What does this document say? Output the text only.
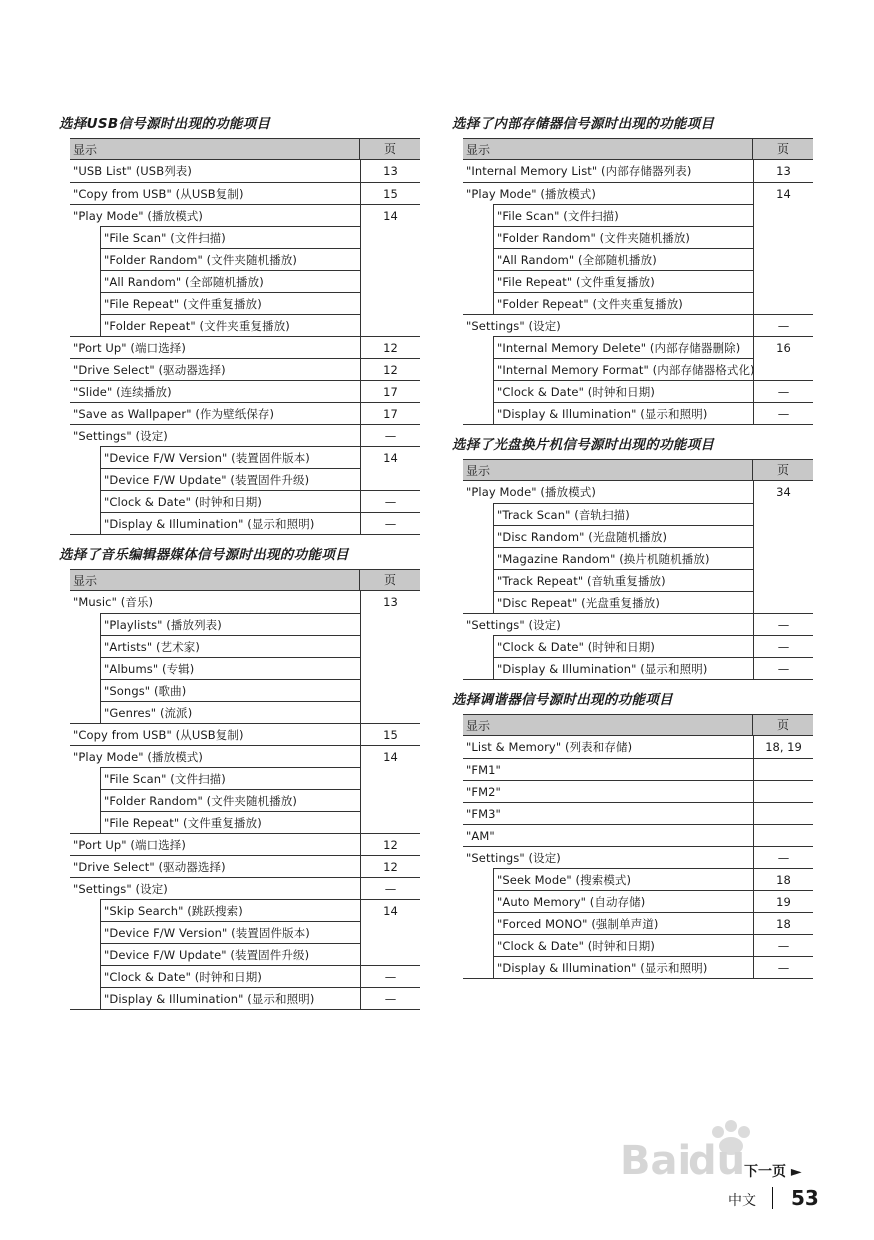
选择USB信号源时出现的功能项目
显示	页
"USB List" (USB列表)	13
"Copy from USB" (从USB复制)	15
"Play Mode" (播放模式)	14
"File Scan" (文件扫描)
"Folder Random" (文件夹随机播放)
"All Random" (全部随机播放)
"File Repeat" (文件重复播放)
"Folder Repeat" (文件夹重复播放)
"Port Up" (端口选择)	12
"Drive Select" (驱动器选择)	12
"Slide" (连续播放)	17
"Save as Wallpaper" (作为壁纸保存)	17
"Settings" (设定)	—
"Device F/W Version" (装置固件版本)	14
"Device F/W Update" (装置固件升级)
"Clock & Date" (时钟和日期)	—
"Display & Illumination" (显示和照明)	—
选择了音乐编辑器媒体信号源时出现的功能项目
显示	页
"Music" (音乐)	13
"Playlists" (播放列表)
"Artists" (艺术家)
"Albums" (专辑)
"Songs" (歌曲)
"Genres" (流派)
"Copy from USB" (从USB复制)	15
"Play Mode" (播放模式)	14
"File Scan" (文件扫描)
"Folder Random" (文件夹随机播放)
"File Repeat" (文件重复播放)
"Port Up" (端口选择)	12
"Drive Select" (驱动器选择)	12
"Settings" (设定)	—
"Skip Search" (跳跃搜索)	14
"Device F/W Version" (装置固件版本)
"Device F/W Update" (装置固件升级)
"Clock & Date" (时钟和日期)	—
"Display & Illumination" (显示和照明)	—
选择了内部存储器信号源时出现的功能项目
显示	页
"Internal Memory List" (内部存储器列表)	13
"Play Mode" (播放模式)	14
"File Scan" (文件扫描)
"Folder Random" (文件夹随机播放)
"All Random" (全部随机播放)
"File Repeat" (文件重复播放)
"Folder Repeat" (文件夹重复播放)
"Settings" (设定)	—
"Internal Memory Delete" (内部存储器删除)	16
"Internal Memory Format" (内部存储器格式化)
"Clock & Date" (时钟和日期)	—
"Display & Illumination" (显示和照明)	—
选择了光盘换片机信号源时出现的功能项目
显示	页
"Play Mode" (播放模式)	34
"Track Scan" (音轨扫描)
"Disc Random" (光盘随机播放)
"Magazine Random" (换片机随机播放)
"Track Repeat" (音轨重复播放)
"Disc Repeat" (光盘重复播放)
"Settings" (设定)	—
"Clock & Date" (时钟和日期)	—
"Display & Illumination" (显示和照明)	—
选择调谐器信号源时出现的功能项目
显示	页
"List & Memory" (列表和存储)	18, 19
"FM1"
"FM2"
"FM3"
"AM"
"Settings" (设定)	—
"Seek Mode" (搜索模式)	18
"Auto Memory" (自动存储)	19
"Forced MONO" (强制单声道)	18
"Clock & Date" (时钟和日期)	—
"Display & Illumination" (显示和照明)	—
下一页 ►
中文 53
Bai
du
